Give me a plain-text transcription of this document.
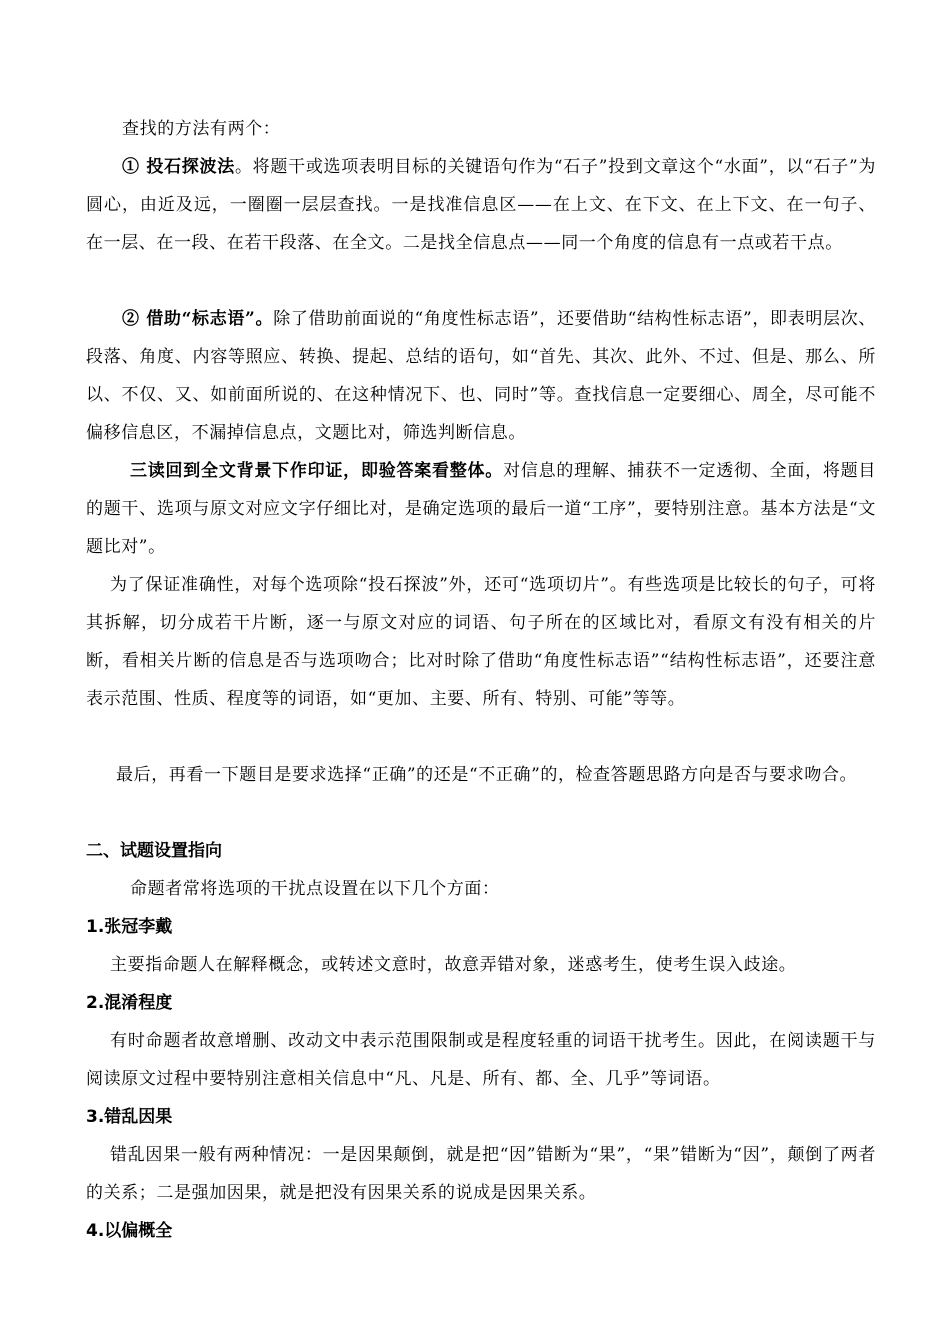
查找的方法有两个：

① 投石探波法。将题干或选项表明目标的关键语句作为“石子”投到文章这个“水面”，以“石子”为圆心，由近及远，一圈圈一层层查找。一是找准信息区——在上文、在下文、在上下文、在一句子、在一层、在一段、在若干段落、在全文。二是找全信息点——同一个角度的信息有一点或若干点。

② 借助“标志语”。除了借助前面说的“角度性标志语”，还要借助“结构性标志语”，即表明层次、段落、角度、内容等照应、转换、提起、总结的语句，如“首先、其次、此外、不过、但是、那么、所以、不仅、又、如前面所说的、在这种情况下、也、同时”等。查找信息一定要细心、周全，尽可能不偏移信息区，不漏掉信息点，文题比对，筛选判断信息。

三读回到全文背景下作印证，即验答案看整体。对信息的理解、捕获不一定透彻、全面，将题目的题干、选项与原文对应文字仔细比对，是确定选项的最后一道“工序”，要特别注意。基本方法是“文题比对”。

为了保证准确性，对每个选项除“投石探波”外，还可“选项切片”。有些选项是比较长的句子，可将其拆解，切分成若干片断，逐一与原文对应的词语、句子所在的区域比对，看原文有没有相关的片断，看相关片断的信息是否与选项吻合；比对时除了借助“角度性标志语”“结构性标志语”，还要注意表示范围、性质、程度等的词语，如“更加、主要、所有、特别、可能”等等。

最后，再看一下题目是要求选择“正确”的还是“不正确”的，检查答题思路方向是否与要求吻合。

二、试题设置指向

命题者常将选项的干扰点设置在以下几个方面：

1.张冠李戴

主要指命题人在解释概念，或转述文意时，故意弄错对象，迷惑考生，使考生误入歧途。

2.混淆程度

有时命题者故意增删、改动文中表示范围限制或是程度轻重的词语干扰考生。因此，在阅读题干与阅读原文过程中要特别注意相关信息中“凡、凡是、所有、都、全、几乎”等词语。

3.错乱因果

错乱因果一般有两种情况：一是因果颠倒，就是把“因”错断为“果”，“果”错断为“因”，颠倒了两者的关系；二是强加因果，就是把没有因果关系的说成是因果关系。

4.以偏概全
